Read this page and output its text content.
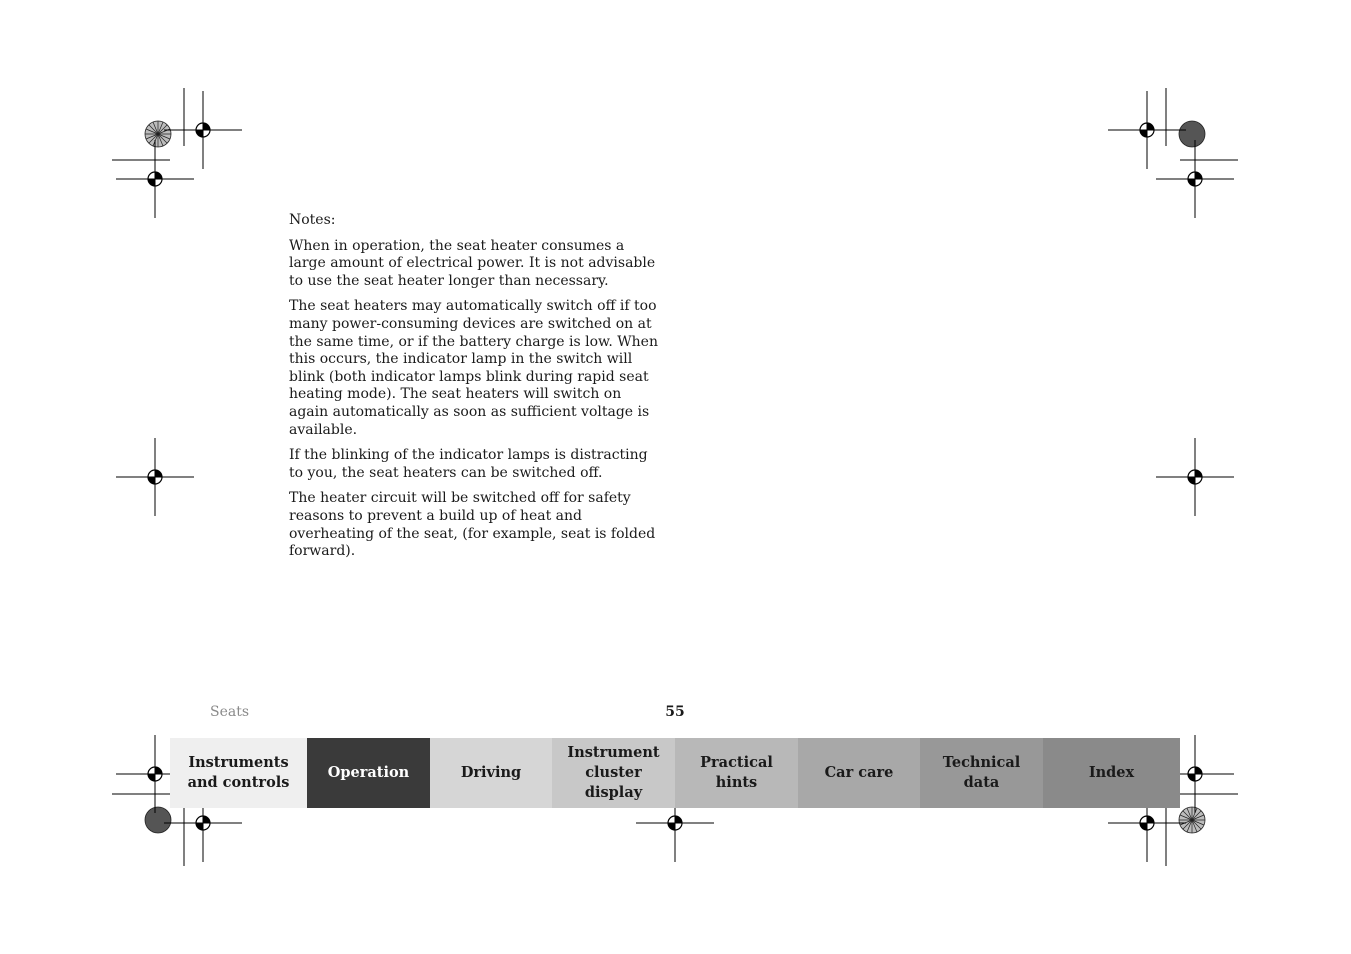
Notes:

When in operation, the seat heater consumes a large amount of electrical power. It is not advisable to use the seat heater longer than necessary.

The seat heaters may automatically switch off if too many power-consuming devices are switched on at the same time, or if the battery charge is low. When this occurs, the indicator lamp in the switch will blink (both indicator lamps blink during rapid seat heating mode). The seat heaters will switch on again automatically as soon as sufficient voltage is available.

If the blinking of the indicator lamps is distracting to you, the seat heaters can be switched off.

The heater circuit will be switched off for safety reasons to prevent a build up of heat and overheating of the seat, (for example, seat is folded forward).

Seats	55
Instruments
and controls
Operation	Driving
Instrument
cluster display
Practical hints
Car care
Technical
data
Index
